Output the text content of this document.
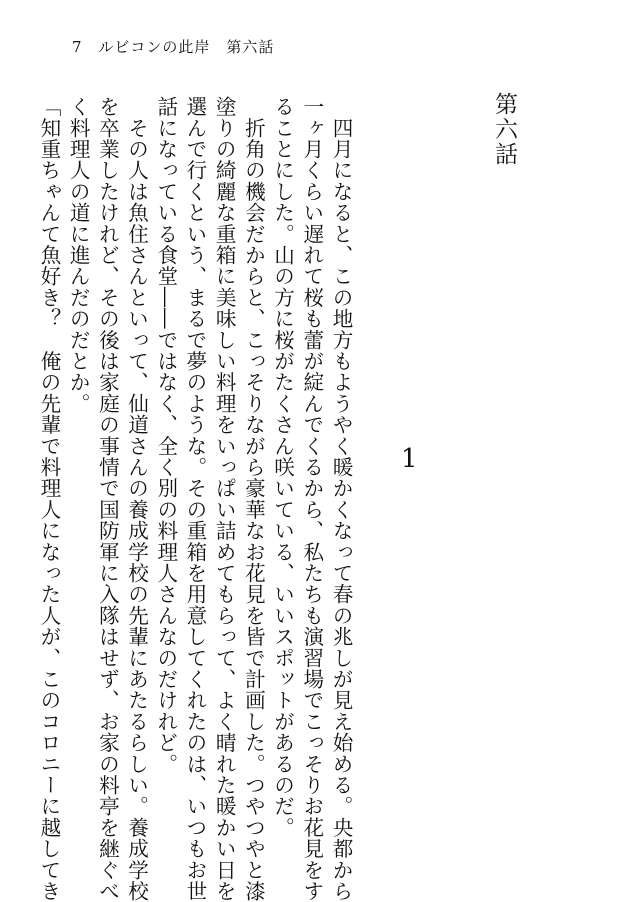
7 ルビコンの此岸　第六話
第六話
1

　四月になると、この地方もようやく暖かくなって春の兆しが見え始める。央都から

一ヶ月くらい遅れて桜も蕾が綻んでくるから、私たちも演習場でこっそりお花見をす

ることにした。山の方に桜がたくさん咲いている、いいスポットがあるのだ。

　折角の機会だからと、こっそりながら豪華なお花見を皆で計画した。つやつやと漆

塗りの綺麗な重箱に美味しい料理をいっぱい詰めてもらって、よく晴れた暖かい日を

選んで行くという、まるで夢のような。その重箱を用意してくれたのは、いつもお世

話になっている食堂――ではなく、全く別の料理人さんなのだけれど。

　その人は魚住さんといって、仙道さんの養成学校の先輩にあたるらしい。養成学校

を卒業したけれど、その後は家庭の事情で国防軍に入隊はせず、お家の料亭を継ぐべ

く料理人の道に進んだのだとか。

「知重ちゃんて魚好き？　俺の先輩で料理人になった人が、このコロニーに越してき
